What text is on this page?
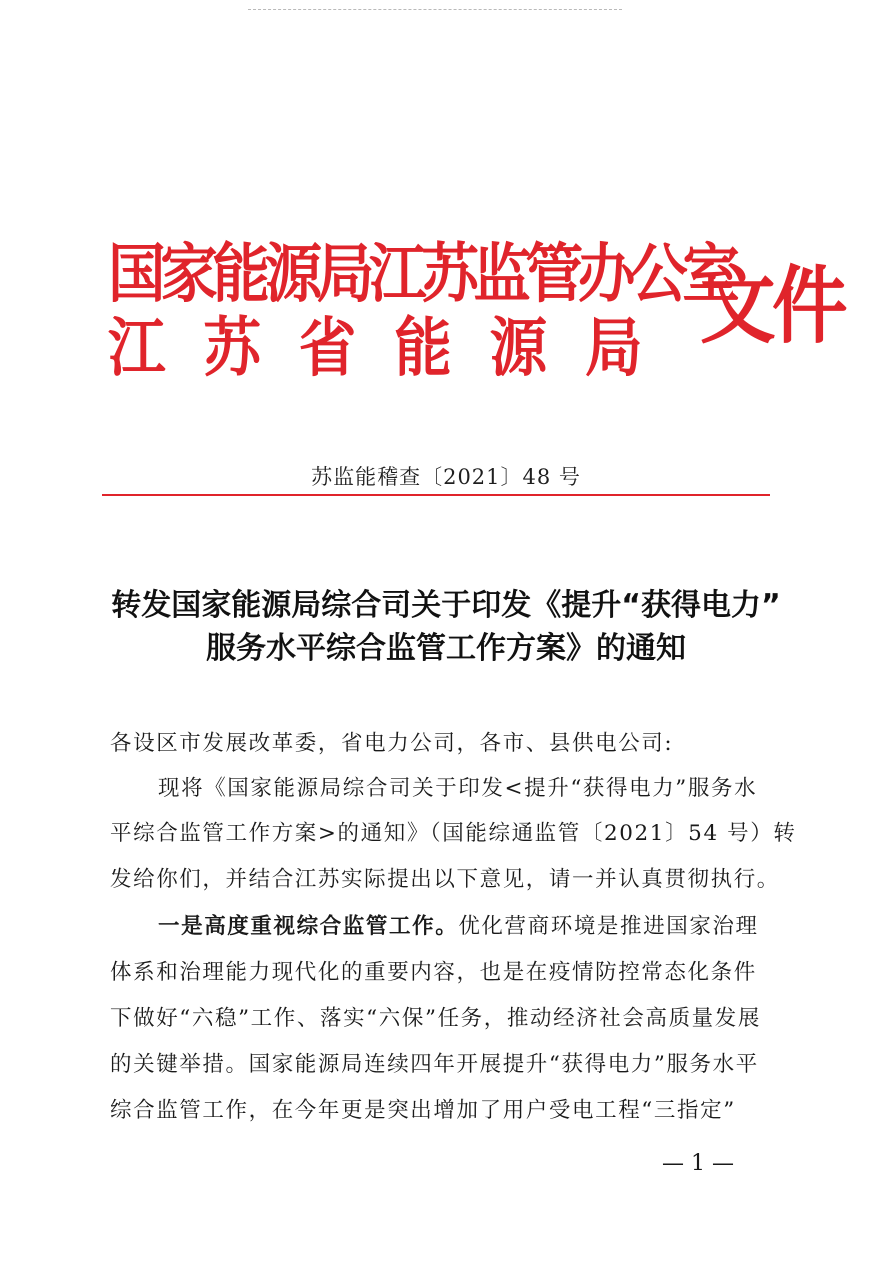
国家能源局江苏监管办公室
江苏省能源局 文件
苏监能稽查〔2021〕48 号
转发国家能源局综合司关于印发《提升“获得电力”
服务水平综合监管工作方案》的通知
各设区市发展改革委，省电力公司，各市、县供电公司:
现将《国家能源局综合司关于印发<提升“获得电力”服务水
平综合监管工作方案>的通知》（国能综通监管〔2021〕54 号）转
发给你们，并结合江苏实际提出以下意见，请一并认真贯彻执行。
一是高度重视综合监管工作。优化营商环境是推进国家治理
体系和治理能力现代化的重要内容，也是在疫情防控常态化条件
下做好“六稳”工作、落实“六保”任务，推动经济社会高质量发展
的关键举措。国家能源局连续四年开展提升“获得电力”服务水平
综合监管工作，在今年更是突出增加了用户受电工程“三指定”
— 1 —
